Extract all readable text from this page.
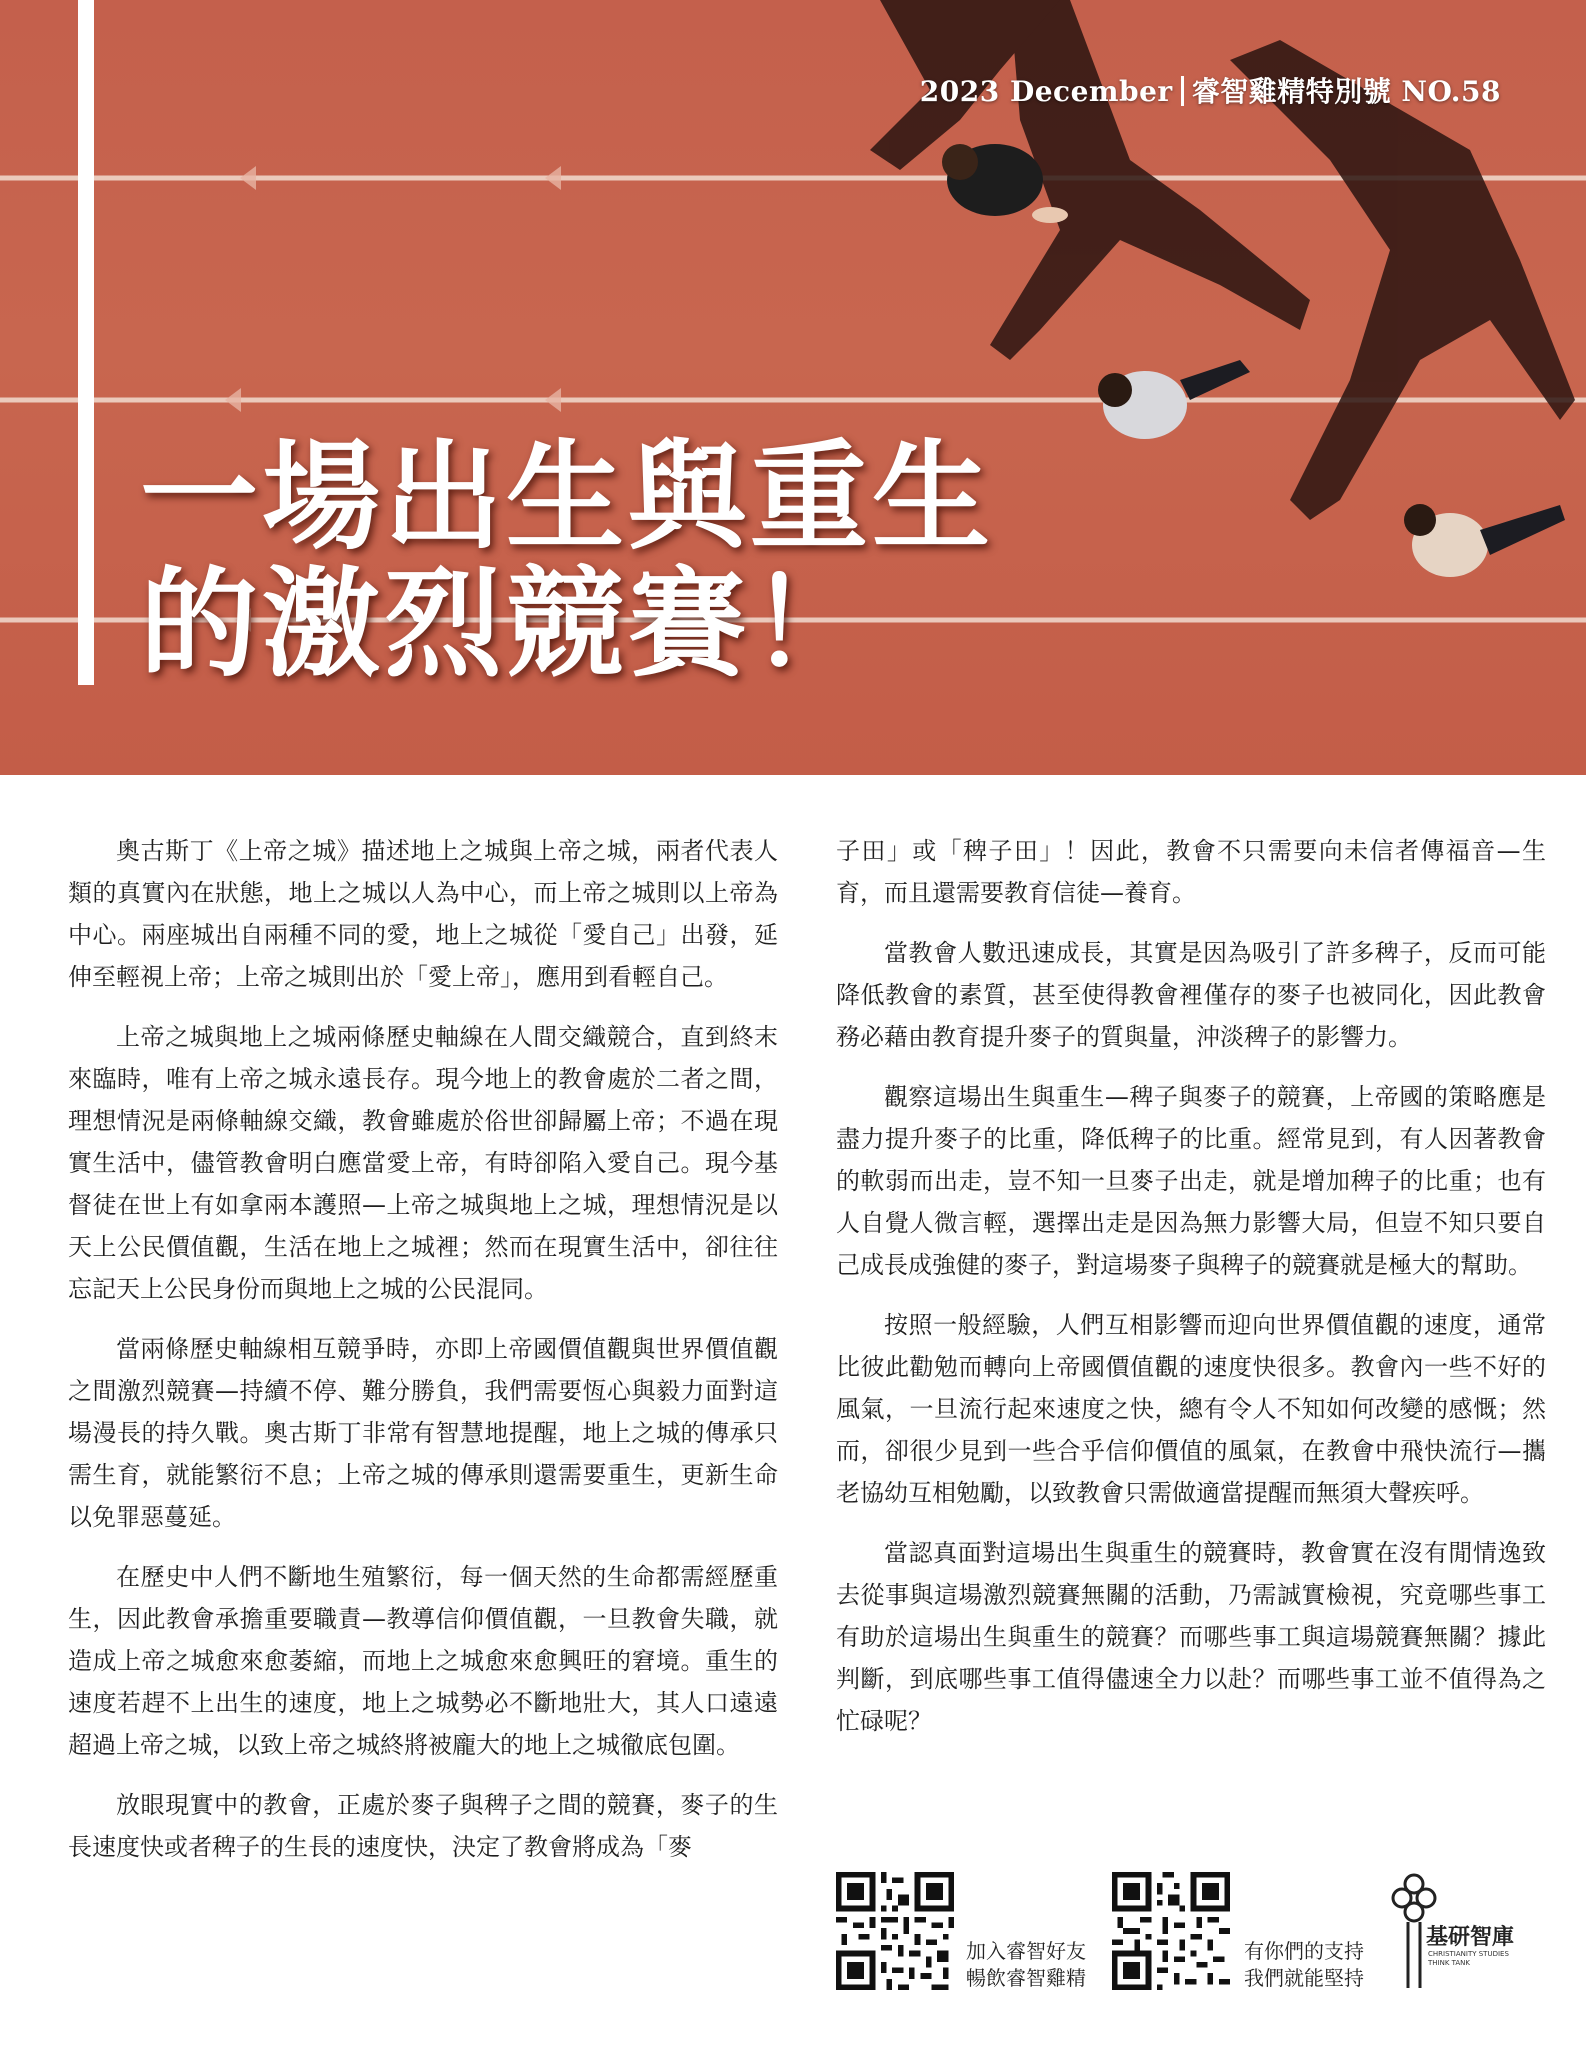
2023 December 睿智雞精特別號 NO.58
一場出生與重生
的激烈競賽！

奧古斯丁《上帝之城》描述地上之城與上帝之城，兩者代表人類的真實內在狀態，地上之城以人為中心，而上帝之城則以上帝為中心。兩座城出自兩種不同的愛，地上之城從「愛自己」出發，延伸至輕視上帝；上帝之城則出於「愛上帝」，應用到看輕自己。

上帝之城與地上之城兩條歷史軸線在人間交織競合，直到終末來臨時，唯有上帝之城永遠長存。現今地上的教會處於二者之間，理想情況是兩條軸線交織，教會雖處於俗世卻歸屬上帝；不過在現實生活中，儘管教會明白應當愛上帝，有時卻陷入愛自己。現今基督徒在世上有如拿兩本護照—上帝之城與地上之城，理想情況是以天上公民價值觀，生活在地上之城裡；然而在現實生活中，卻往往忘記天上公民身份而與地上之城的公民混同。

當兩條歷史軸線相互競爭時，亦即上帝國價值觀與世界價值觀之間激烈競賽—持續不停、難分勝負，我們需要恆心與毅力面對這場漫長的持久戰。奧古斯丁非常有智慧地提醒，地上之城的傳承只需生育，就能繁衍不息；上帝之城的傳承則還需要重生，更新生命以免罪惡蔓延。

在歷史中人們不斷地生殖繁衍，每一個天然的生命都需經歷重生，因此教會承擔重要職責—教導信仰價值觀，一旦教會失職，就造成上帝之城愈來愈萎縮，而地上之城愈來愈興旺的窘境。重生的速度若趕不上出生的速度，地上之城勢必不斷地壯大，其人口遠遠超過上帝之城，以致上帝之城終將被龐大的地上之城徹底包圍。

放眼現實中的教會，正處於麥子與稗子之間的競賽，麥子的生長速度快或者稗子的生長的速度快，決定了教會將成為「麥

子田」或「稗子田」！因此，教會不只需要向未信者傳福音—生育，而且還需要教育信徒—養育。

當教會人數迅速成長，其實是因為吸引了許多稗子，反而可能降低教會的素質，甚至使得教會裡僅存的麥子也被同化，因此教會務必藉由教育提升麥子的質與量，沖淡稗子的影響力。

觀察這場出生與重生—稗子與麥子的競賽，上帝國的策略應是盡力提升麥子的比重，降低稗子的比重。經常見到，有人因著教會的軟弱而出走，豈不知一旦麥子出走，就是增加稗子的比重；也有人自覺人微言輕，選擇出走是因為無力影響大局，但豈不知只要自己成長成強健的麥子，對這場麥子與稗子的競賽就是極大的幫助。

按照一般經驗，人們互相影響而迎向世界價值觀的速度，通常比彼此勸勉而轉向上帝國價值觀的速度快很多。教會內一些不好的風氣，一旦流行起來速度之快，總有令人不知如何改變的感慨；然而，卻很少見到一些合乎信仰價值的風氣，在教會中飛快流行—攜老協幼互相勉勵，以致教會只需做適當提醒而無須大聲疾呼。

當認真面對這場出生與重生的競賽時，教會實在沒有閒情逸致去從事與這場激烈競賽無關的活動，乃需誠實檢視，究竟哪些事工有助於這場出生與重生的競賽？而哪些事工與這場競賽無關？據此判斷，到底哪些事工值得儘速全力以赴？而哪些事工並不值得為之忙碌呢？

加入睿智好友
暢飲睿智雞精
有你們的支持
我們就能堅持
基研智庫
CHRISTIANITY STUDIES
THINK TANK
